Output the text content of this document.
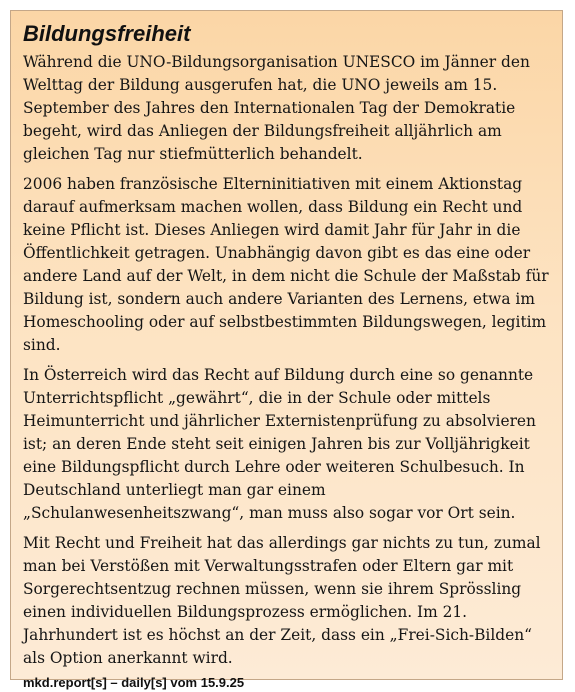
Bildungsfreiheit

Während die UNO-Bildungsorganisation UNESCO im Jänner den Welttag der Bildung ausgerufen hat, die UNO jeweils am 15. September des Jahres den Internationalen Tag der Demokratie begeht, wird das Anliegen der Bildungsfreiheit alljährlich am gleichen Tag nur stiefmütterlich behandelt.

2006 haben französische Elterninitiativen mit einem Aktionstag darauf aufmerksam machen wollen, dass Bildung ein Recht und keine Pflicht ist. Dieses Anliegen wird damit Jahr für Jahr in die Öffentlichkeit getragen. Unabhängig davon gibt es das eine oder andere Land auf der Welt, in dem nicht die Schule der Maßstab für Bildung ist, sondern auch andere Varianten des Lernens, etwa im Homeschooling oder auf selbstbestimmten Bildungswegen, legitim sind.

In Österreich wird das Recht auf Bildung durch eine so genannte Unterrichtspflicht „gewährt“, die in der Schule oder mittels Heimunterricht und jährlicher Externistenprüfung zu absolvieren ist; an deren Ende steht seit einigen Jahren bis zur Volljährigkeit eine Bildungspflicht durch Lehre oder weiteren Schulbesuch. In Deutschland unterliegt man gar einem „Schulanwesenheitszwang“, man muss also sogar vor Ort sein.

Mit Recht und Freiheit hat das allerdings gar nichts zu tun, zumal man bei Verstößen mit Verwaltungsstrafen oder Eltern gar mit Sorgerechtsentzug rechnen müssen, wenn sie ihrem Sprössling einen individuellen Bildungsprozess ermöglichen. Im 21. Jahrhundert ist es höchst an der Zeit, dass ein „Frei-Sich-Bilden“ als Option anerkannt wird.

mkd.report[s] – daily[s] vom 15.9.25
